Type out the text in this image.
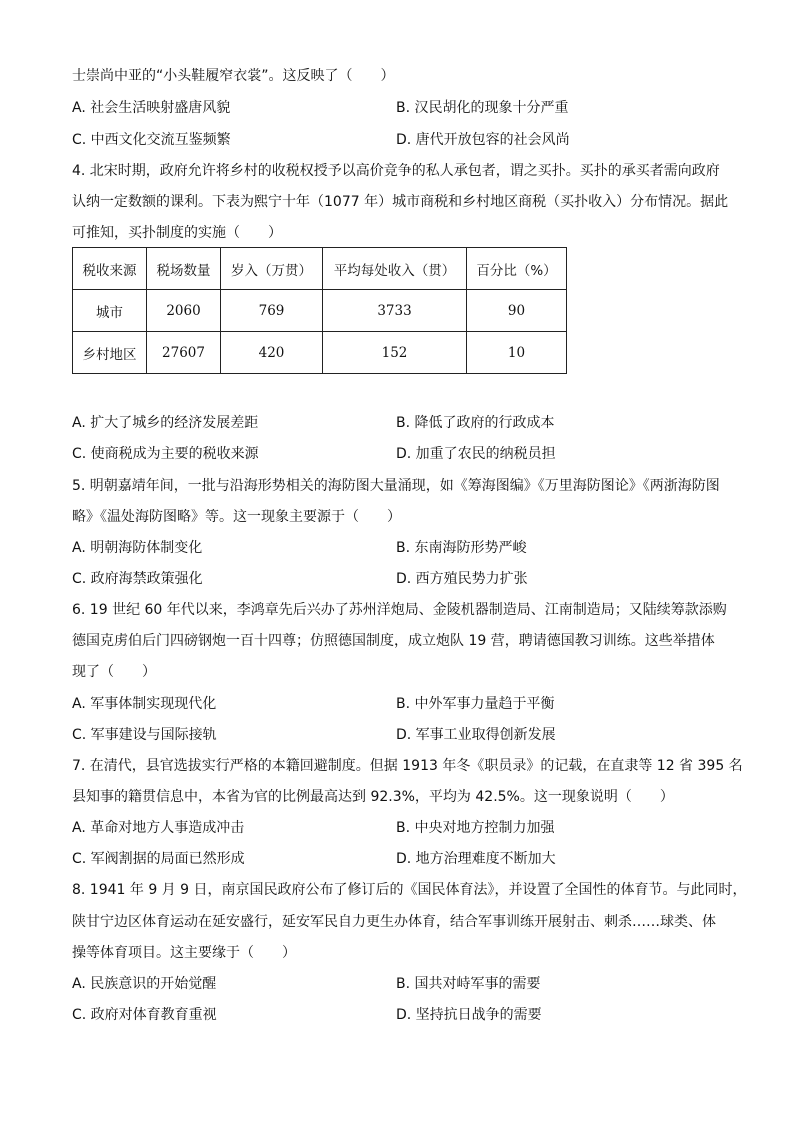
士崇尚中亚的“小头鞋履窄衣裳”。这反映了（　　）
A. 社会生活映射盛唐风貌	B. 汉民胡化的现象十分严重
C. 中西文化交流互鉴频繁	D. 唐代开放包容的社会风尚
4. 北宋时期，政府允许将乡村的收税权授予以高价竞争的私人承包者，谓之买扑。买扑的承买者需向政府
认纳一定数额的课利。下表为熙宁十年（1077 年）城市商税和乡村地区商税（买扑收入）分布情况。据此
可推知，买扑制度的实施（　　）
税收来源	税场数量	岁入（万贯）	平均每处收入（贯）	百分比（%）
城市	2060	769	3733	90
乡村地区	27607	420	152	10
A. 扩大了城乡的经济发展差距	B. 降低了政府的行政成本
C. 使商税成为主要的税收来源	D. 加重了农民的纳税员担
5. 明朝嘉靖年间，一批与沿海形势相关的海防图大量涌现，如《筹海图编》《万里海防图论》《两浙海防图
略》《温处海防图略》等。这一现象主要源于（　　）
A. 明朝海防体制变化	B. 东南海防形势严峻
C. 政府海禁政策强化	D. 西方殖民势力扩张
6. 19 世纪 60 年代以来，李鸿章先后兴办了苏州洋炮局、金陵机器制造局、江南制造局；又陆续筹款添购
德国克虏伯后门四磅钢炮一百十四尊；仿照德国制度，成立炮队 19 营，聘请德国教习训练。这些举措体
现了（　　）
A. 军事体制实现现代化	B. 中外军事力量趋于平衡
C. 军事建设与国际接轨	D. 军事工业取得创新发展
7. 在清代，县官选拔实行严格的本籍回避制度。但据 1913 年冬《职员录》的记载，在直隶等 12 省 395 名
县知事的籍贯信息中，本省为官的比例最高达到 92.3%，平均为 42.5%。这一现象说明（　　）
A. 革命对地方人事造成冲击	B. 中央对地方控制力加强
C. 军阀割据的局面已然形成	D. 地方治理难度不断加大
8. 1941 年 9 月 9 日，南京国民政府公布了修订后的《国民体育法》，并设置了全国性的体育节。与此同时，
陕甘宁边区体育运动在延安盛行，延安军民自力更生办体育，结合军事训练开展射击、刺杀……球类、体
操等体育项目。这主要缘于（　　）
A. 民族意识的开始觉醒	B. 国共对峙军事的需要
C. 政府对体育教育重视	D. 坚持抗日战争的需要
